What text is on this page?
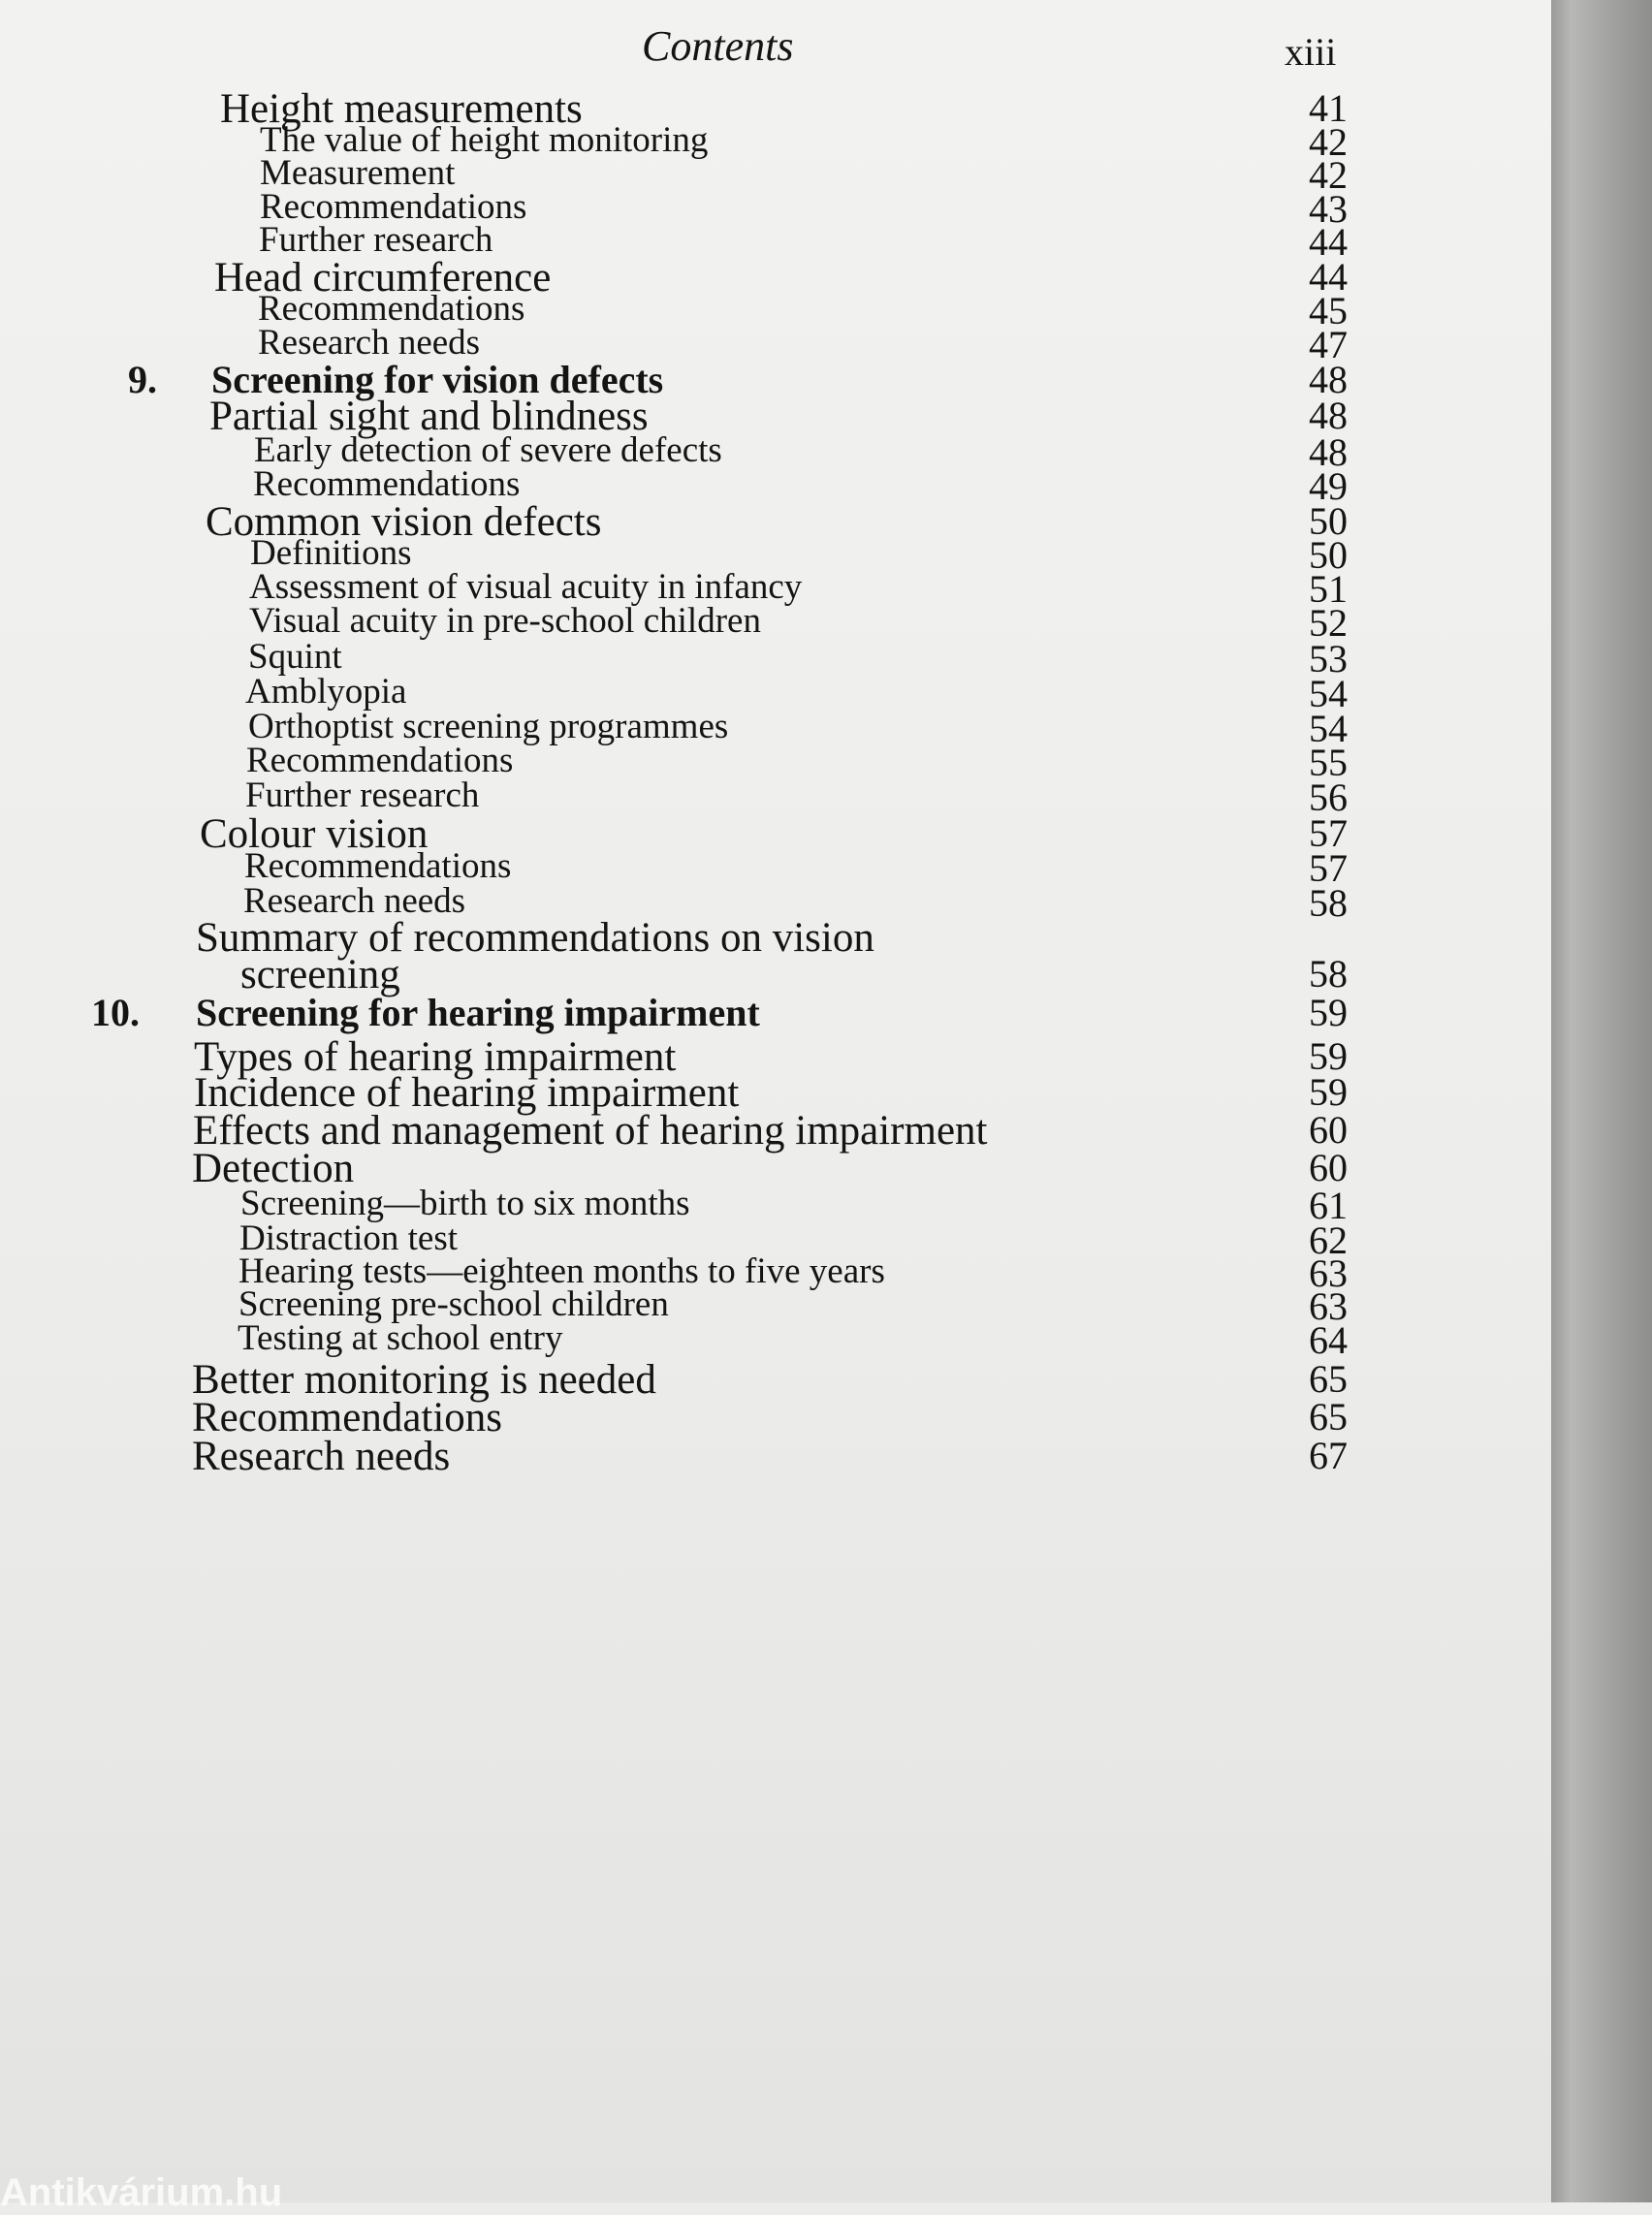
Contents	xiii
Height measurements	41
The value of height monitoring	42
Measurement	42
Recommendations	43
Further research	44
Head circumference	44
Recommendations	45
Research needs	47
9. Screening for vision defects	48
Partial sight and blindness	48
Early detection of severe defects	48
Recommendations	49
Common vision defects	50
Definitions	50
Assessment of visual acuity in infancy	51
Visual acuity in pre-school children	52
Squint	53
Amblyopia	54
Orthoptist screening programmes	54
Recommendations	55
Further research	56
Colour vision	57
Recommendations	57
Research needs	58
Summary of recommendations on vision
screening	58
10. Screening for hearing impairment	59
Types of hearing impairment	59
Incidence of hearing impairment	59
Effects and management of hearing impairment	60
Detection	60
Screening—birth to six months	61
Distraction test	62
Hearing tests—eighteen months to five years	63
Screening pre-school children	63
Testing at school entry	64
Better monitoring is needed	65
Recommendations	65
Research needs	67
Antikvárium.hu
